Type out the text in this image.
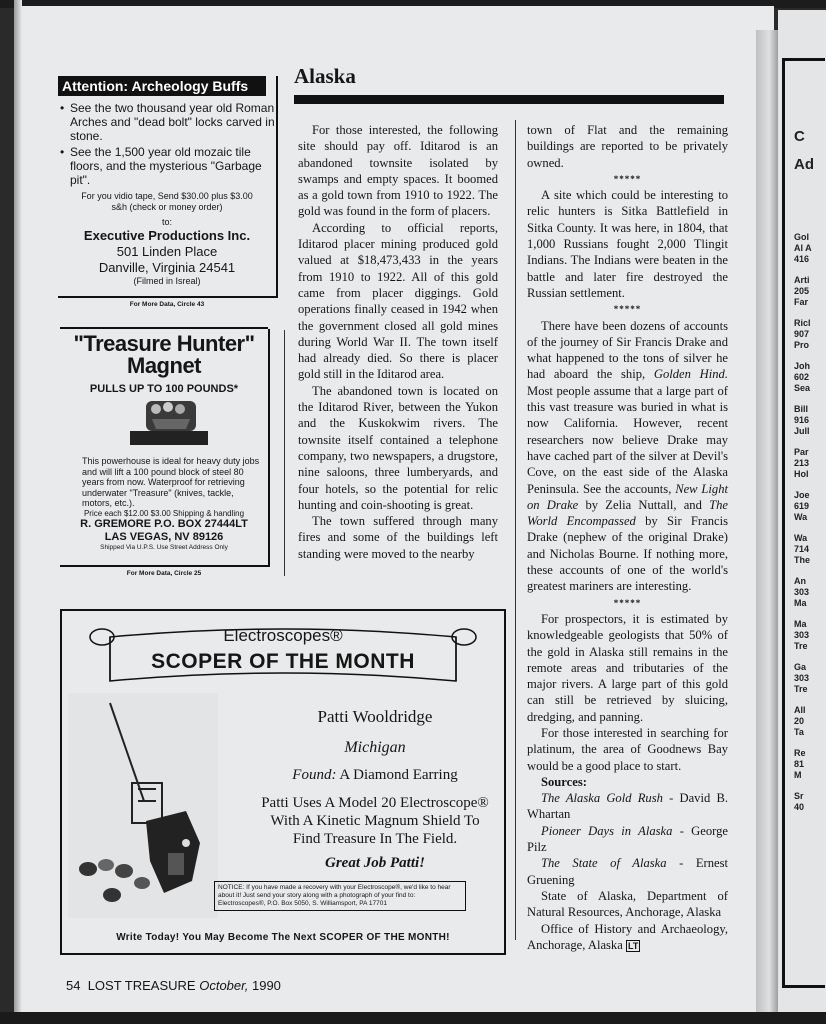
C
Ad
Gol
Al A
416
Arti
205
Far
Ricl
907
Pro
Joh
602
Sea
Bill
916
Jull
Par
213
Hol
Joe
619
Wa
Wa
714
The
An
303
Ma
Ma
303
Tre
Ga
303
Tre
All
20
Ta
Re
81
M
Sr
40
Attention: Archeology Buffs
• See the two thousand year old Roman Arches and "dead bolt" locks carved in stone.
• See the 1,500 year old mozaic tile floors, and the mysterious "Garbage pit".
For you vidio tape, Send $30.00 plus $3.00 s&h (check or money order)
to:
Executive Productions Inc.
501 Linden Place
Danville, Virginia 24541
(Filmed in Isreal)
For More Data, Circle 43
"Treasure Hunter" Magnet
PULLS UP TO 100 POUNDS*
This powerhouse is ideal for heavy duty jobs and will lift a 100 pound block of steel 80 years from now. Waterproof for retrieving underwater "Treasure" (knives, tackle, motors, etc.).
Price each $12.00 $3.00 Shipping & handling
R. GREMORE P.O. BOX 27444LT
LAS VEGAS, NV 89126
Shipped Via U.P.S. Use Street Address Only
For More Data, Circle 25
Alaska

For those interested, the following site should pay off. Iditarod is an abandoned townsite isolated by swamps and empty spaces. It boomed as a gold town from 1910 to 1922. The gold was found in the form of placers.

According to official reports, Iditarod placer mining produced gold valued at $18,473,433 in the years from 1910 to 1922. All of this gold came from placer diggings. Gold operations finally ceased in 1942 when the government closed all gold mines during World War II. The town itself had already died. So there is placer gold still in the Iditarod area.

The abandoned town is located on the Iditarod River, between the Yukon and the Kuskokwim rivers. The townsite itself contained a telephone company, two newspapers, a drugstore, nine saloons, three lumberyards, and four hotels, so the potential for relic hunting and coin-shooting is great.

The town suffered through many fires and some of the buildings left standing were moved to the nearby

town of Flat and the remaining buildings are reported to be privately owned.

*****

A site which could be interesting to relic hunters is Sitka Battlefield in Sitka County. It was here, in 1804, that 1,000 Russians fought 2,000 Tlingit Indians. The Indians were beaten in the battle and later fire destroyed the Russian settlement.

*****

There have been dozens of accounts of the journey of Sir Francis Drake and what happened to the tons of silver he had aboard the ship, Golden Hind. Most people assume that a large part of this vast treasure was buried in what is now California. However, recent researchers now believe Drake may have cached part of the silver at Devil's Cove, on the east side of the Alaska Peninsula. See the accounts, New Light on Drake by Zelia Nuttall, and The World Encompassed by Sir Francis Drake (nephew of the original Drake) and Nicholas Bourne. If nothing more, these accounts of one of the world's greatest mariners are interesting.

*****

For prospectors, it is estimated by knowledgeable geologists that 50% of the gold in Alaska still remains in the remote areas and tributaries of the major rivers. A large part of this gold can still be retrieved by sluicing, dredging, and panning.

For those interested in searching for platinum, the area of Goodnews Bay would be a good place to start.

Sources:

The Alaska Gold Rush - David B. Whartan

Pioneer Days in Alaska - George Pilz

The State of Alaska - Ernest Gruening

State of Alaska, Department of Natural Resources, Anchorage, Alaska

Office of History and Archaeology, Anchorage, Alaska LT

Electroscopes®
SCOPER OF THE MONTH
Patti Wooldridge
Michigan
Found: A Diamond Earring
Patti Uses A Model 20 Electroscope®
With A Kinetic Magnum Shield To
Find Treasure In The Field.
Great Job Patti!
NOTICE: If you have made a recovery with your Electroscope®, we'd like to hear about it! Just send your story along with a photograph of your find to: Electroscopes®, P.O. Box 5050, S. Williamsport, PA 17701
Write Today! You May Become The Next SCOPER OF THE MONTH!
54 LOST TREASURE October, 1990
